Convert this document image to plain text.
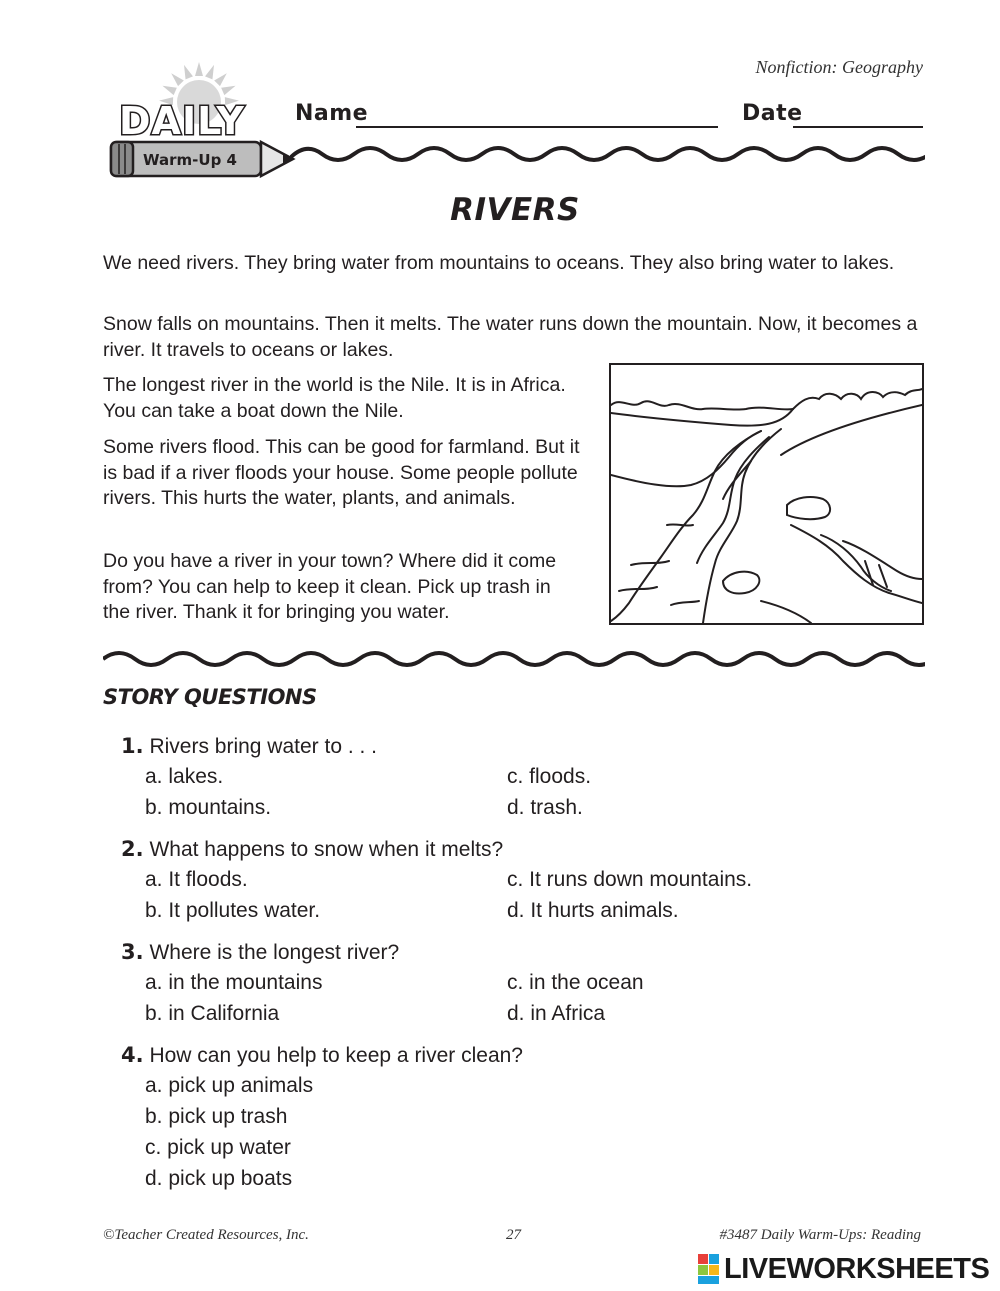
Nonfiction: Geography
DAILY
Warm-Up 4
Name	Date
RIVERS

We need rivers. They bring water from mountains to oceans. They also bring water to lakes.

Snow falls on mountains. Then it melts. The water runs down the mountain. Now, it becomes a river. It travels to oceans or lakes.

The longest river in the world is the Nile. It is in Africa. You can take a boat down the Nile.

Some rivers flood. This can be good for farmland. But it is bad if a river floods your house. Some people pollute rivers. This hurts the water, plants, and animals.

Do you have a river in your town? Where did it come from? You can help to keep it clean. Pick up trash in the river. Thank it for bringing you water.

STORY QUESTIONS
1. Rivers bring water to . . .
a. lakes.
b. mountains.
c. floods.
d. trash.
2. What happens to snow when it melts?
a. It floods.
b. It pollutes water.
c. It runs down mountains.
d. It hurts animals.
3. Where is the longest river?
a. in the mountains
b. in California
c. in the ocean
d. in Africa
4. How can you help to keep a river clean?
a. pick up animals
b. pick up trash
c. pick up water
d. pick up boats
©Teacher Created Resources, Inc.	27	#3487 Daily Warm-Ups: Reading
LIVEWORKSHEETS
